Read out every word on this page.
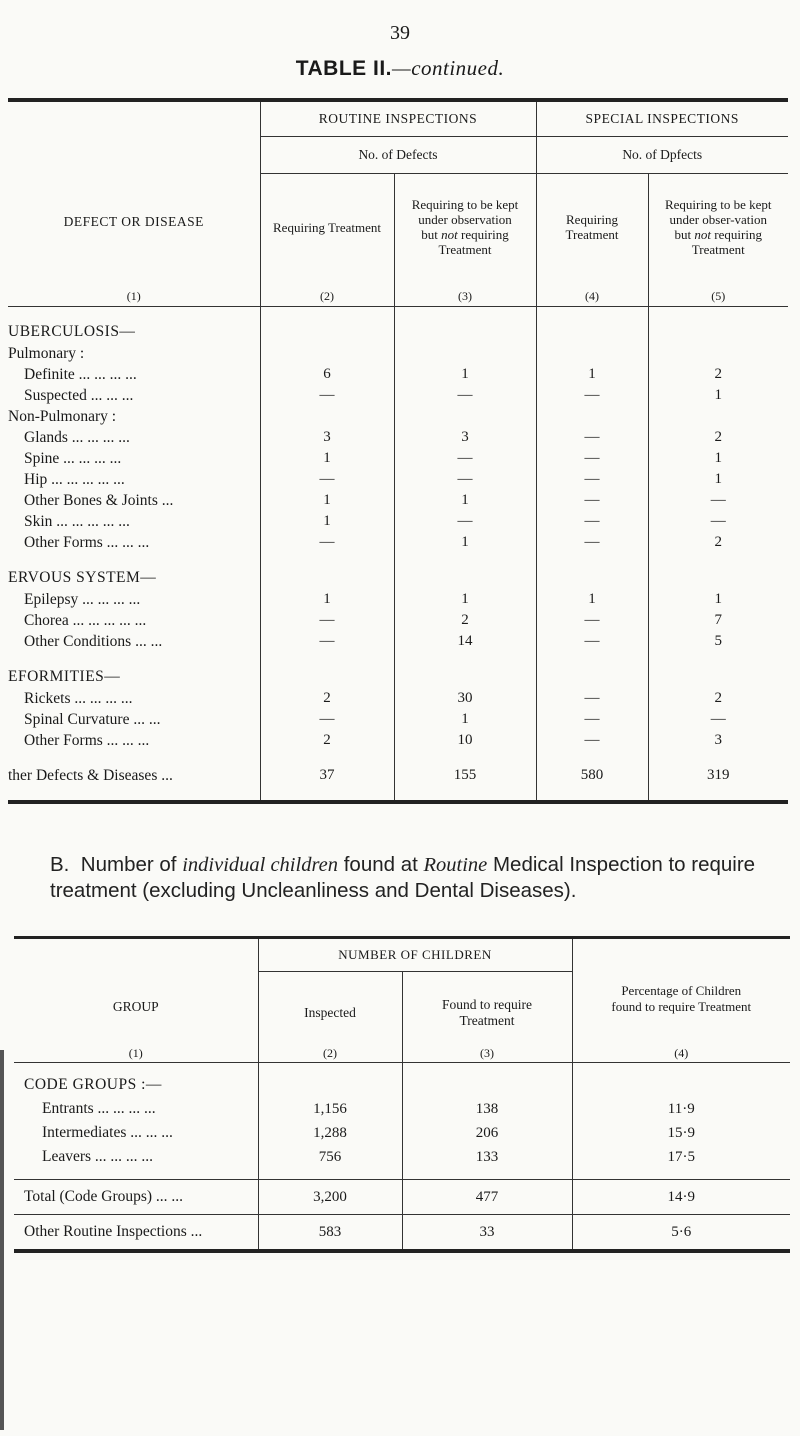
39
TABLE II.—continued.

DEFECT OR DISEASE	ROUTINE INSPECTIONS		SPECIAL INSPECTIONS	
	No. of Defects		No. of Dpfects	
	Requiring Treatment	Requiring to be kept under observation but not requiring Treatment	Requiring Treatment	Requiring to be kept under obser-vation but not requiring Treatment
(1)	(2)	(3)	(4)	(5)

UBERCULOSIS—				
Pulmonary :				
Definite ... ... ... ...	6	1	1	2
Suspected ... ... ...	—	—	—	1
Non-Pulmonary :				
Glands ... ... ... ...	3	3	—	2
Spine ... ... ... ...	1	—	—	1
Hip ... ... ... ... ...	—	—	—	1
Other Bones & Joints ...	1	1	—	—
Skin ... ... ... ... ...	1	—	—	—
Other Forms ... ... ...	—	1	—	2

ERVOUS SYSTEM—				
Epilepsy ... ... ... ...	1	1	1	1
Chorea ... ... ... ... ...	—	2	—	7
Other Conditions ... ...	—	14	—	5

EFORMITIES—				
Rickets ... ... ... ...	2	30	—	2
Spinal Curvature ... ...	—	1	—	—
Other Forms ... ... ...	2	10	—	3

ther Defects & Diseases ...	37	155	580	319

B. Number of individual children found at Routine Medical Inspection to require treatment (excluding Uncleanliness and Dental Diseases).

GROUP	NUMBER OF CHILDREN		Percentage of Children found to require Treatment
	Inspected	Found to require Treatment	
(1)	(2)	(3)	(4)

CODE GROUPS :—			
Entrants ... ... ... ...	1,156	138	11·9
Intermediates ... ... ...	1,288	206	15·9
Leavers ... ... ... ...	756	133	17·5

Total (Code Groups) ... ...	3,200	477	14·9
Other Routine Inspections ...	583	33	5·6
